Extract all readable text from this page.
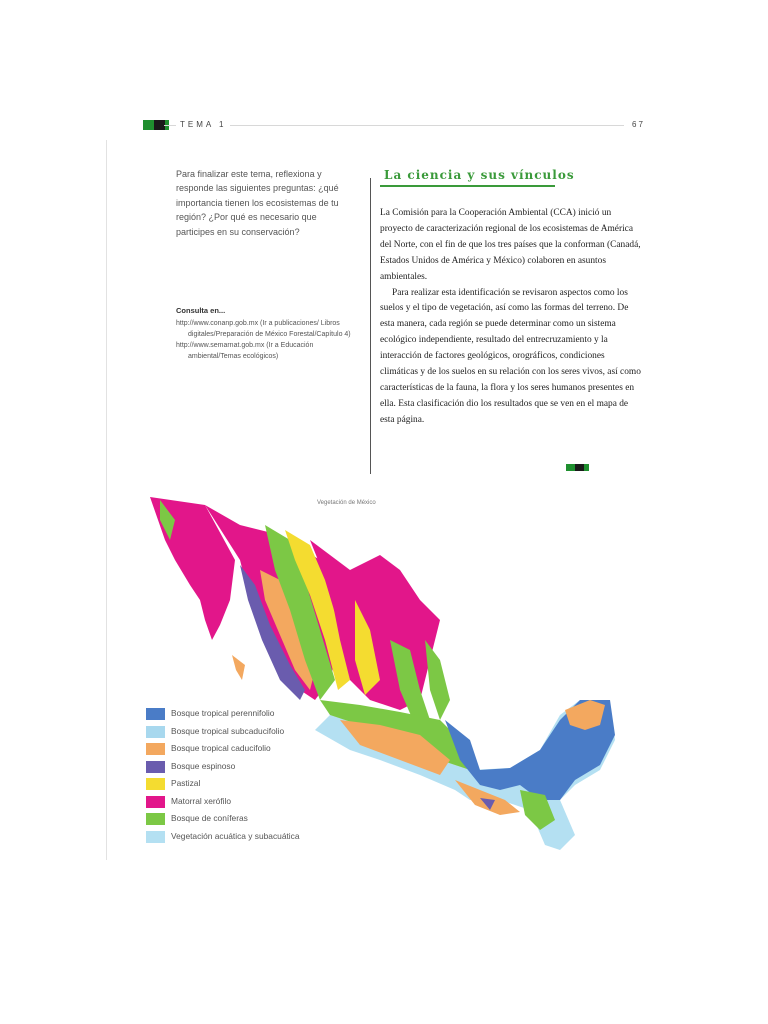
TEMA 1	67
Para finalizar este tema, reflexiona y responde las siguientes preguntas: ¿qué importancia tienen los ecosistemas de tu región? ¿Por qué es necesario que participes en su conservación?
Consulta en...
http://www.conanp.gob.mx (Ir a publicaciones/ Libros digitales/Preparación de México Forestal/Capítulo 4)
http://www.semarnat.gob.mx (Ir a Educación ambiental/Temas ecológicos)
La ciencia y sus vínculos

La Comisión para la Cooperación Ambiental (CCA) inició un proyecto de caracterización regional de los ecosistemas de América del Norte, con el fin de que los tres países que la conforman (Canadá, Estados Unidos de América y México) colaboren en asuntos ambientales.

Para realizar esta identificación se revisaron aspectos como los suelos y el tipo de vegetación, así como las formas del terreno. De esta manera, cada región se puede determinar como un sistema ecológico independiente, resultado del entrecruzamiento y la interacción de factores geológicos, orográficos, condiciones climáticas y de los suelos en su relación con los seres vivos, así como características de la fauna, la flora y los seres humanos presentes en ella. Esta clasificación dio los resultados que se ven en el mapa de esta página.

Vegetación de México
Bosque tropical perennifolio
Bosque tropical subcaducifolio
Bosque tropical caducifolio
Bosque espinoso
Pastizal
Matorral xerófilo
Bosque de coníferas
Vegetación acuática y subacuática
